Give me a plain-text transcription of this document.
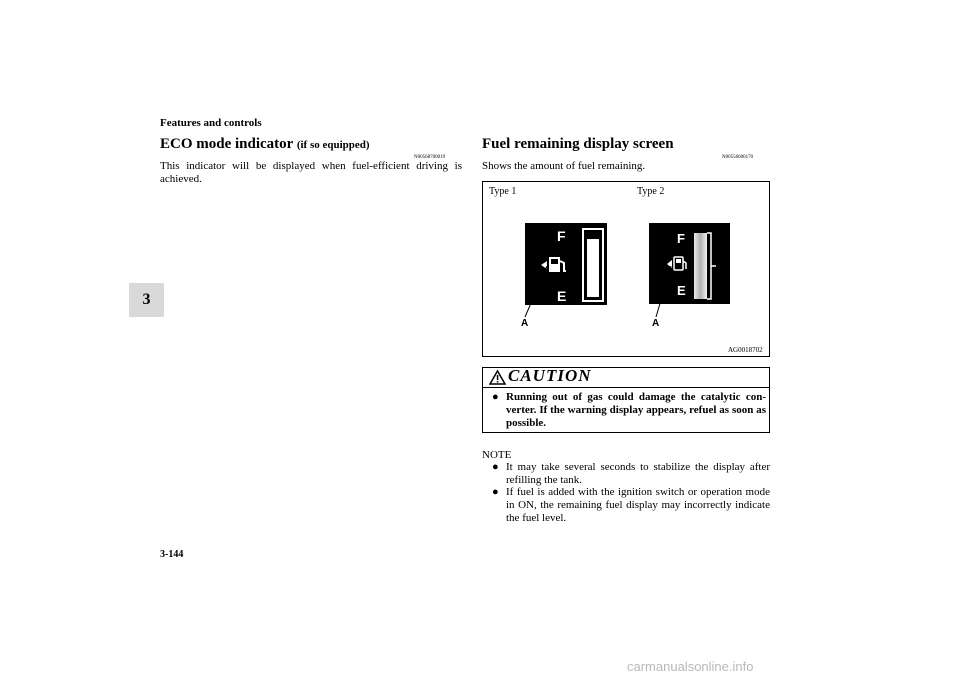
Features and controls
3
ECO mode indicator (if so equipped)
N00568700019
This indicator will be displayed when fuel-efficient driving is achieved.
Fuel remaining display screen
N00556600170
Shows the amount of fuel remaining.
Type 1	Type 2
F
E
F
E
A	A
AG0018702
CAUTION
● Running out of gas could damage the catalytic con- verter. If the warning display appears, refuel as soon as possible.
NOTE
● It may take several seconds to stabilize the display after refilling the tank.
● If fuel is added with the ignition switch or operation mode in ON, the remaining fuel display may incorrectly indicate the fuel level.
3-144
carmanualsonline.info
